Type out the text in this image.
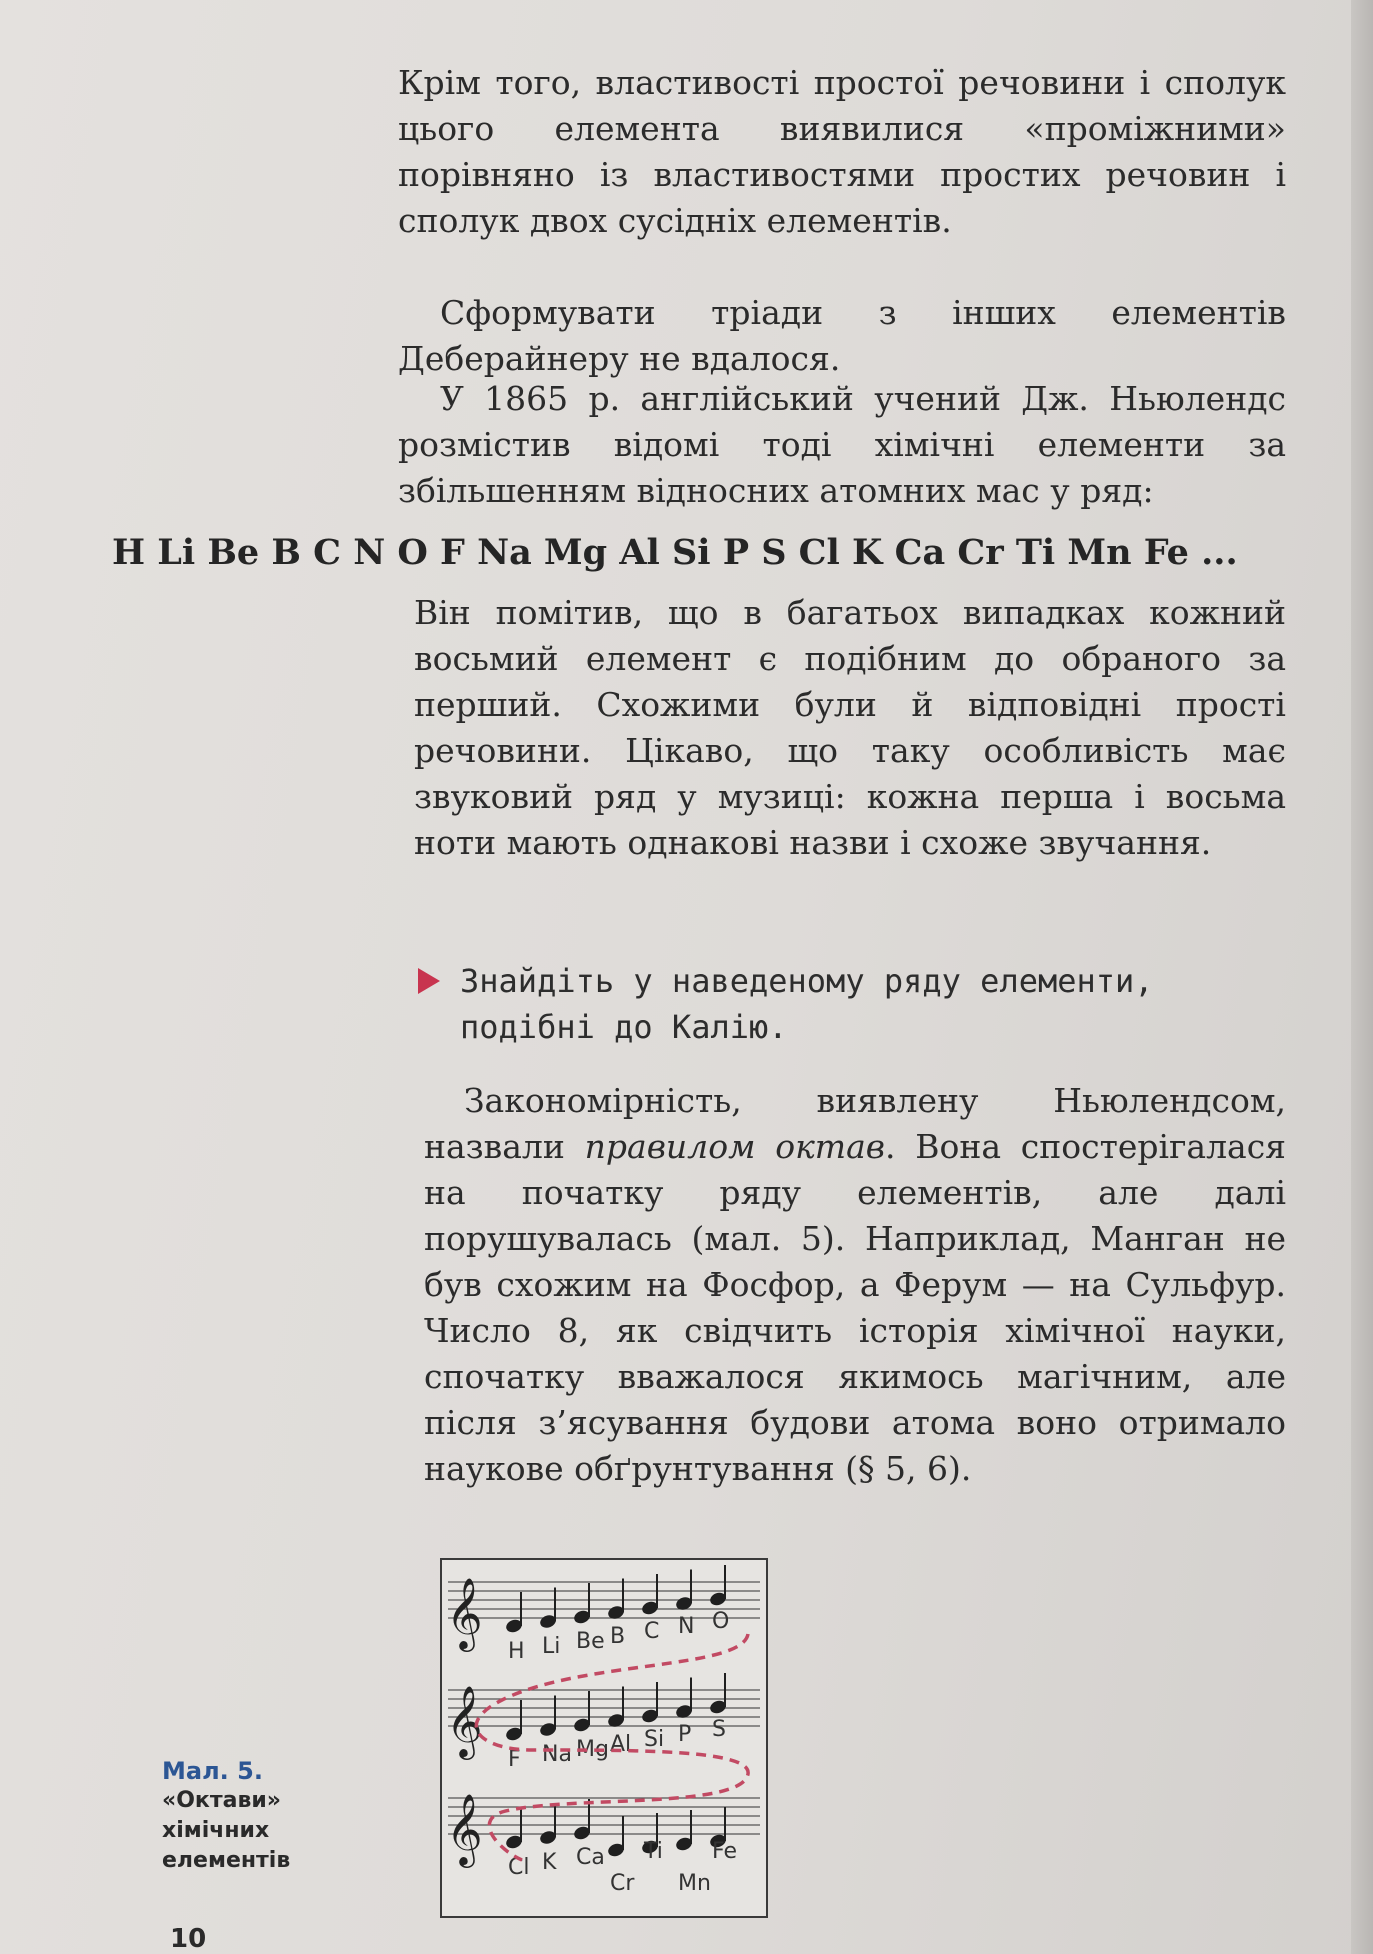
Крім того, властивості простої речовини і сполук цього елемента виявилися «проміжними» порівняно із властивостями простих речовин і сполук двох сусідніх елементів.

Сформувати тріади з інших елементів Деберайнеру не вдалося.

У 1865 р. англійський учений Дж. Ньюлендс розмістив відомі тоді хімічні елементи за збільшенням відносних атомних мас у ряд:

H Li Be B C N O F Na Mg Al Si P S Cl K Ca Cr Ti Mn Fe ...

Він помітив, що в багатьох випадках кожний восьмий елемент є подібним до обраного за перший. Схожими були й відповідні прості речовини. Цікаво, що таку особливість має звуковий ряд у музиці: кожна перша і восьма ноти мають однакові назви і схоже звучання.

Знайдіть у наведеному ряду елементи, подібні до Калію.

Закономірність, виявлену Ньюлендсом, назвали правилом октав. Вона спостерігалася на початку ряду елементів, але далі порушувалась (мал. 5). Наприклад, Манган не був схожим на Фосфор, а Ферум — на Сульфур. Число 8, як свідчить історія хімічної науки, спочатку вважалося якимось магічним, але після з’ясування будови атома воно отримало наукове обґрунтування (§ 5, 6).

𝄞
H Li Be B C N O
𝄞
F Na Mg Al Si P S
𝄞
Cl K Ca
Cr
Ti
Mn
Fe
Мал. 5.
«Октави»
хімічних
елементів
10
